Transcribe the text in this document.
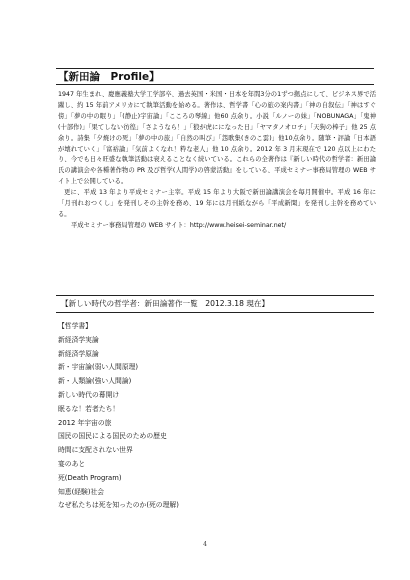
【新田論　Profile】

1947 年生まれ、慶應義塾大学工学部卒、過去英国・米国・日本を年間3分の1ずつ拠点にして、ビジネス界で活躍し、約 15 年前アメリカにて執筆活動を始める。著作は、哲学書「心の旅の案内書」「神の自叙伝」「神はすぐ傍」「夢の中の眠り」「(静止)宇宙論」「こころの琴線」他60 点余り。小説「ルノーの妹」「NOBUNAGA」「鬼神(十部作)」「果てしない彷徨」「さようなら！」「狼が虎にになった日」「ヤマタノオロチ」「天狗の棒子」他 25 点余り。詩集「夕焼けの死」「夢の中の旅」「自然の叫び」「怨歌集(きのこ雲)」他10点余り。随筆・評論「日本語が壊れていく」「富裕論」「気前よくなれ！粋な老人」他 10 点余り。2012 年 3 月末現在で 120 点以上にわたり、今でも日々旺盛な執筆活動は衰えることなく続いている。これらの全著作は『新しい時代の哲学者：新田論氏の講演会や各種著作物の PR 及び哲学(人間学)の啓蒙活動』をしている、平成セミナー事務局管理の WEB サイト上で公開している。

更に、平成 13 年より平成セミナー主宰。平成 15 年より大阪で新田論講演会を毎月開催中。平成 16 年に「月刊れおつくし」を発刊しその主幹を務め、19 年には月刊紙ながら「平成新聞」を発刊し主幹を務めている。

平成セミナー事務局管理の WEB サイト：http://www.heisei-seminar.net/

【新しい時代の哲学者：新田論著作一覧　2012.3.18 現在】
【哲学書】
新経済学実論
新経済学原論
新・宇宙論(弱い人間原理)
新・人類論(強い人間論)
新しい時代の幕開け
眠るな！若者たち！
2012 年宇宙の旅
国民の国民による国民のための歴史
時間に支配されない世界
宴のあと
死(Death Program)
知恵(経験)社会
なぜ私たちは死を知ったのか(死の理解)
4
